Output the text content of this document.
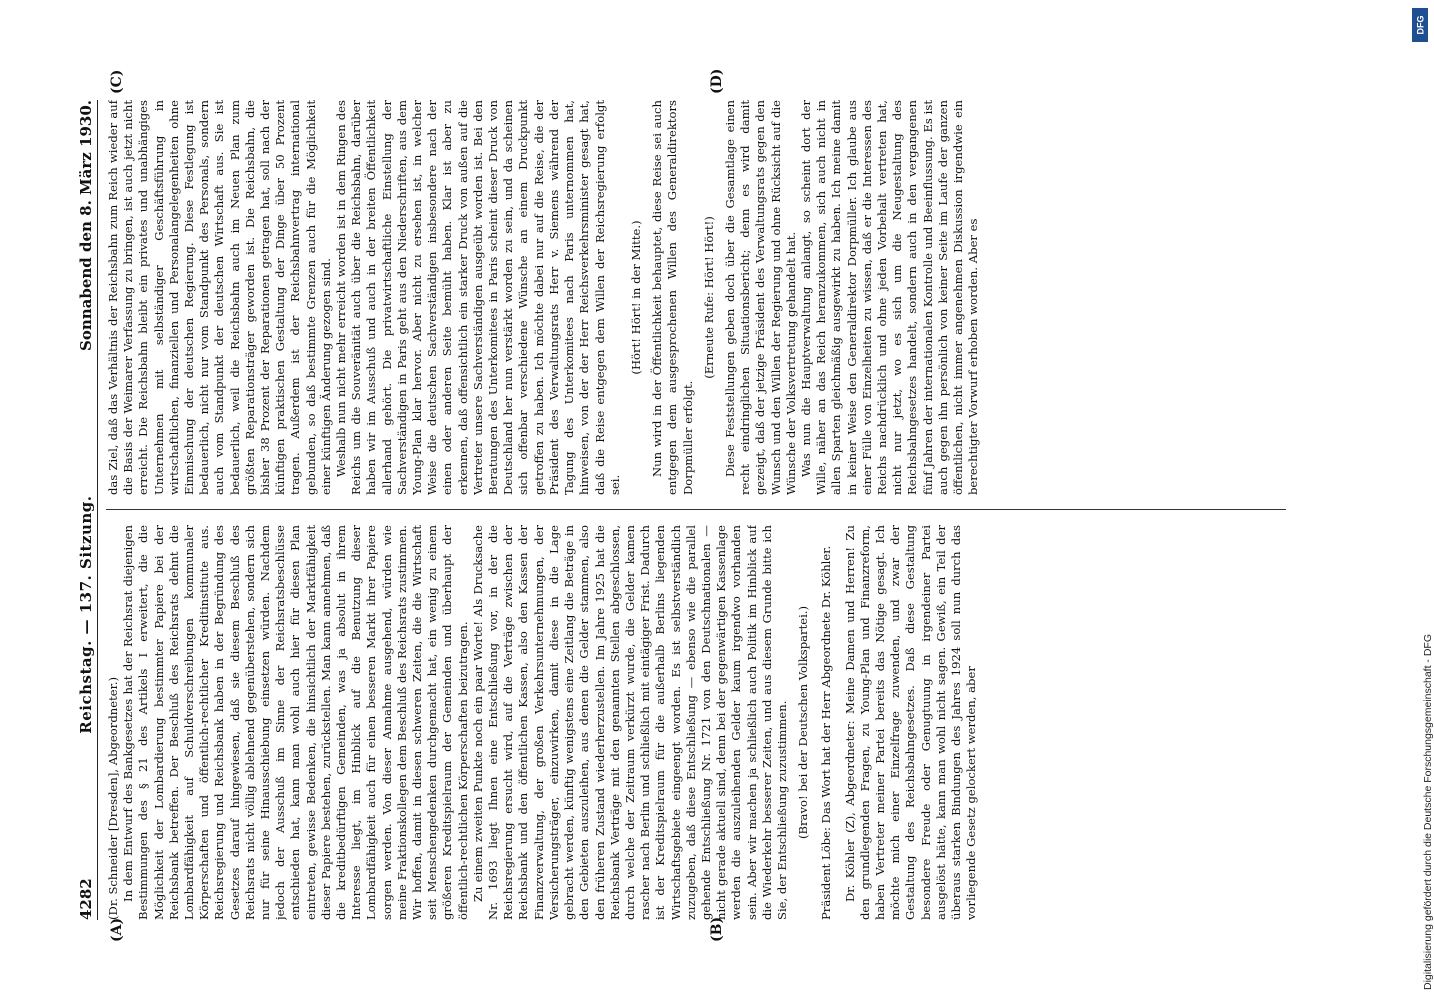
DFG
Digitalisierung gefördert durch die Deutsche Forschungsgemeinschaft - DFG
4282
Reichstag. — 137. Sitzung.
Sonnabend den 8. März 1930.

(Dr. Schneider [Dresden], Abgeordneter.) In dem Entwurf des Bankgesetzes hat der Reichsrat diejenigen Bestimmungen des § 21 des Artikels I erweitert, die die Möglichkeit der Lombardierung bestimmter Papiere bei der Reichsbank betreffen. Der Beschluß des Reichsrats dehnt die Lombardfähigkeit auf Schuldverschreibungen kommunaler Körperschaften und öffentlich-rechtlicher Kreditinstitute aus. Reichsregierung und Reichsbank haben in der Begründung des Gesetzes darauf hingewiesen, daß sie diesem Beschluß des Reichsrats nicht völlig ablehnend gegenüberstehen, sondern sich nur für seine Hinausschiebung einsetzen würden. Nachdem jedoch der Ausschuß im Sinne der Reichsratsbeschlüsse entschieden hat, kann man wohl auch hier für diesen Plan eintreten, gewisse Bedenken, die hinsichtlich der Marktfähigkeit dieser Papiere bestehen, zurückstellen. Man kann annehmen, daß die kreditbedürftigen Gemeinden, was ja absolut in ihrem Interesse liegt, im Hinblick auf die Benutzung dieser Lombardfähigkeit auch für einen besseren Markt ihrer Papiere sorgen werden. Von dieser Annahme ausgehend, würden wie meine Fraktionskollegen dem Beschluß des Reichsrats zustimmen. Wir hoffen, damit in diesen schweren Zeiten, die die Wirtschaft seit Menschengedenken durchgemacht hat, ein wenig zu einem größeren Kreditspielraum der Gemeinden und überhaupt der öffentlich-rechtlichen Körperschaften beizutragen. Zu einem zweiten Punkte noch ein paar Worte! Als Drucksache Nr. 1693 liegt Ihnen eine Entschließung vor, in der die Reichsregierung ersucht wird, auf die Verträge zwischen der Reichsbank und den öffentlichen Kassen, also den Kassen der Finanzverwaltung, der großen Verkehrsunternehmungen, der Versicherungsträger, einzuwirken, damit diese in die Lage gebracht werden, künftig wenigstens eine Zeitlang die Beträge in den Gebieten auszuleihen, aus denen die Gelder stammen, also den früheren Zustand wiederherzustellen. Im Jahre 1925 hat die Reichsbank Verträge mit den genannten Stellen abgeschlossen, durch welche der Zeitraum verkürzt wurde, die Gelder kamen rascher nach Berlin und schließlich mit eintägiger Frist. Dadurch ist der Kreditspielraum für die außerhalb Berlins liegenden Wirtschaftsgebiete eingeengt worden. Es ist selbstverständlich zuzugeben, daß diese Entschließung — ebenso wie die parallel gehende Entschließung Nr. 1721 von den Deutschnationalen — nicht gerade aktuell sind, denn bei der gegenwärtigen Kassenlage werden die auszuleihenden Gelder kaum irgendwo vorhanden sein. Aber wir machen ja schließlich auch Politik im Hinblick auf die Wiederkehr besserer Zeiten, und aus diesem Grunde bitte ich Sie, der Entschließung zuzustimmen. (Bravo! bei der Deutschen Volkspartei.) Präsident Löbe: Das Wort hat der Herr Abgeordnete Dr. Köhler. Dr. Köhler (Z), Abgeordneter: Meine Damen und Herren! Zu den grundlegenden Fragen, zu Young-Plan und Finanzreform, haben Vertreter meiner Partei bereits das Nötige gesagt. Ich möchte mich einer Einzelfrage zuwenden, und zwar der Gestaltung des Reichsbahngesetzes. Daß diese Gestaltung besondere Freude oder Genugtuung in irgendeiner Partei ausgelöst hätte, kann man wohl nicht sagen. Gewiß, ein Teil der überaus starken Bindungen des Jahres 1924 soll nun durch das vorliegende Gesetz gelockert werden, aber

das Ziel, daß das Verhältnis der Reichsbahn zum Reich wieder auf die Basis der Weimarer Verfassung zu bringen, ist auch jetzt nicht erreicht. Die Reichsbahn bleibt ein privates und unabhängiges Unternehmen mit selbständiger Geschäftsführung in wirtschaftlichen, finanziellen und Personalangelegenheiten ohne Einmischung der deutschen Regierung. Diese Festlegung ist bedauerlich, nicht nur vom Standpunkt des Personals, sondern auch vom Standpunkt der deutschen Wirtschaft aus. Sie ist bedauerlich, weil die Reichsbahn auch im Neuen Plan zum größten Reparationsträger geworden ist. Die Reichsbahn, die bisher 38 Prozent der Reparationen getragen hat, soll nach der künftigen praktischen Gestaltung der Dinge über 50 Prozent tragen. Außerdem ist der Reichsbahnvertrag international gebunden, so daß bestimmte Grenzen auch für die Möglichkeit einer künftigen Änderung gezogen sind. Weshalb nun nicht mehr erreicht worden ist in dem Ringen des Reichs um die Souveränität auch über die Reichsbahn, darüber haben wir im Ausschuß und auch in der breiten Öffentlichkeit allerhand gehört. Die privatwirtschaftliche Einstellung der Sachverständigen in Paris geht aus den Niederschriften, aus dem Young-Plan klar hervor. Aber nicht zu ersehen ist, in welcher Weise die deutschen Sachverständigen insbesondere nach der einen oder anderen Seite bemüht haben. Klar ist aber zu erkennen, daß offensichtlich ein starker Druck von außen auf die Vertreter unsere Sachverständigen ausgeübt worden ist. Bei den Beratungen des Unterkomitees in Paris scheint dieser Druck von Deutschland her nun verstärkt worden zu sein, und da scheinen sich offenbar verschiedene Wünsche an einem Druckpunkt getroffen zu haben. Ich möchte dabei nur auf die Reise, die der Präsident des Verwaltungsrats Herr v. Siemens während der Tagung des Unterkomitees nach Paris unternommen hat, hinweisen, von der der Herr Reichsverkehrsminister gesagt hat, daß die Reise entgegen dem Willen der Reichsregierung erfolgt sei.

(Hört! Hört! in der Mitte.) Nun wird in der Öffentlichkeit behauptet, diese Reise sei auch entgegen dem ausgesprochenen Willen des Generaldirektors Dorpmüller erfolgt.

(Erneute Rufe: Hört! Hört!) Diese Feststellungen geben doch über die Gesamtlage einen recht eindringlichen Situationsbericht; denn es wird damit gezeigt, daß der jetzige Präsident des Verwaltungsrats gegen den Wunsch und den Willen der Regierung und ohne Rücksicht auf die Wünsche der Volksvertretung gehandelt hat. Was nun die Hauptverwaltung anlangt, so scheint dort der Wille, näher an das Reich heranzukommen, sich auch nicht in allen Sparten gleichmäßig ausgewirkt zu haben. Ich meine damit in keiner Weise den Generaldirektor Dorpmüller. Ich glaube aus einer Fülle von Einzelheiten zu wissen, daß er die Interessen des Reichs nachdrücklich und ohne jeden Vorbehalt vertreten hat, nicht nur jetzt, wo es sich um die Neugestaltung des Reichsbahngesetzes handelt, sondern auch in den vergangenen fünf Jahren der internationalen Kontrolle und Beeinflussung. Es ist auch gegen ihn persönlich von keiner Seite im Laufe der ganzen öffentlichen, nicht immer angenehmen Diskussion irgendwie ein berechtigter Vorwurf erhoben worden. Aber es

(A)	(B)
(C)	(D)
